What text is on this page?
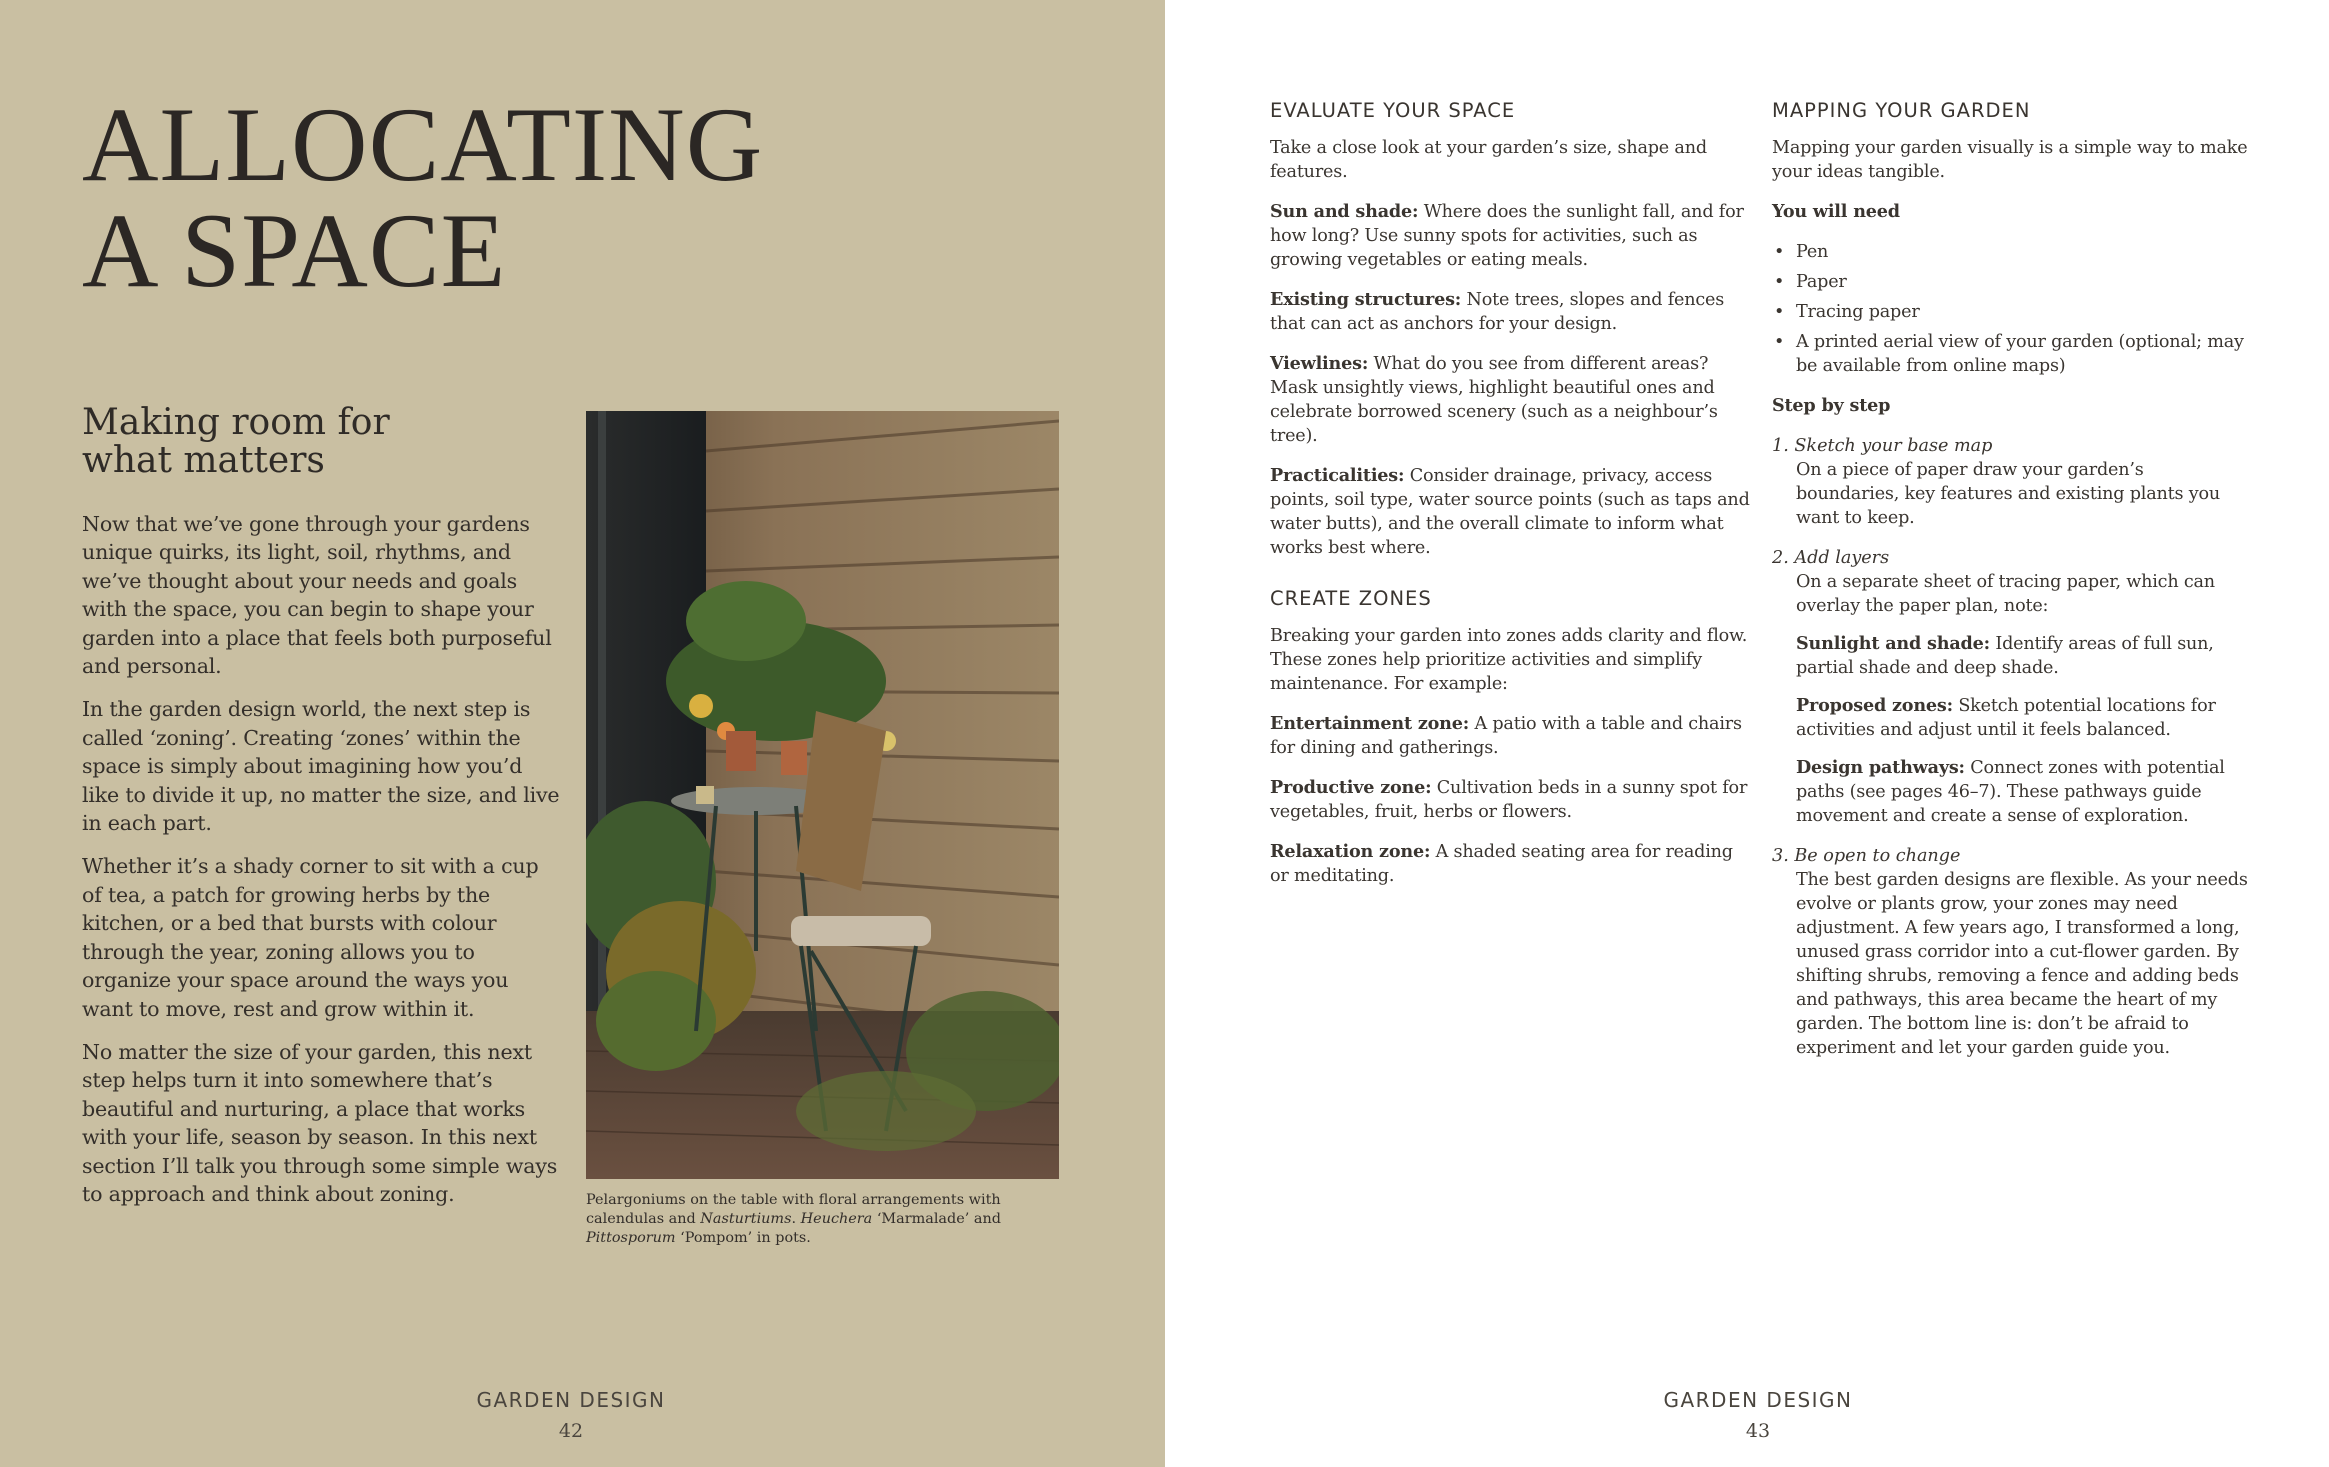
ALLOCATING
A SPACE
Making room for
what matters

Now that we’ve gone through your gardens unique quirks, its light, soil, rhythms, and we’ve thought about your needs and goals with the space, you can begin to shape your garden into a place that feels both purposeful and personal.

In the garden design world, the next step is called ‘zoning’. Creating ‘zones’ within the space is simply about imagining how you’d like to divide it up, no matter the size, and live in each part.

Whether it’s a shady corner to sit with a cup of tea, a patch for growing herbs by the kitchen, or a bed that bursts with colour through the year, zoning allows you to organize your space around the ways you want to move, rest and grow within it.

No matter the size of your garden, this next step helps turn it into somewhere that’s beautiful and nurturing, a place that works with your life, season by season. In this next section I’ll talk you through some simple ways to approach and think about zoning.	Pelargoniums on the table with floral arrangements with calendulas and Nasturtiums. Heuchera ‘Marmalade’ and Pittosporum ‘Pompom’ in pots.

GARDEN DESIGN
42
GARDEN DESIGN
43
EVALUATE YOUR SPACE

Take a close look at your garden’s size, shape and features.

Sun and shade: Where does the sunlight fall, and for how long? Use sunny spots for activities, such as growing vegetables or eating meals.

Existing structures: Note trees, slopes and fences that can act as anchors for your design.

Viewlines: What do you see from different areas? Mask unsightly views, highlight beautiful ones and celebrate borrowed scenery (such as a neighbour’s tree).

Practicalities: Consider drainage, privacy, access points, soil type, water source points (such as taps and water butts), and the overall climate to inform what works best where.

CREATE ZONES

Breaking your garden into zones adds clarity and flow. These zones help prioritize activities and simplify maintenance. For example:

Entertainment zone: A patio with a table and chairs for dining and gatherings.

Productive zone: Cultivation beds in a sunny spot for vegetables, fruit, herbs or flowers.

Relaxation zone: A shaded seating area for reading or meditating.

MAPPING YOUR GARDEN

Mapping your garden visually is a simple way to make your ideas tangible.

You will need

• Pen
• Paper
• Tracing paper
• A printed aerial view of your garden (optional; may be available from online maps)

Step by step

1. Sketch your base map
On a piece of paper draw your garden’s boundaries, key features and existing plants you want to keep.
2. Add layers
On a separate sheet of tracing paper, which can overlay the paper plan, note:
Sunlight and shade: Identify areas of full sun, partial shade and deep shade.
Proposed zones: Sketch potential locations for activities and adjust until it feels balanced.
Design pathways: Connect zones with potential paths (see pages 46–7). These pathways guide movement and create a sense of exploration.
3. Be open to change
The best garden designs are flexible. As your needs evolve or plants grow, your zones may need adjustment. A few years ago, I transformed a long, unused grass corridor into a cut-flower garden. By shifting shrubs, removing a fence and adding beds and pathways, this area became the heart of my garden. The bottom line is: don’t be afraid to experiment and let your garden guide you.
